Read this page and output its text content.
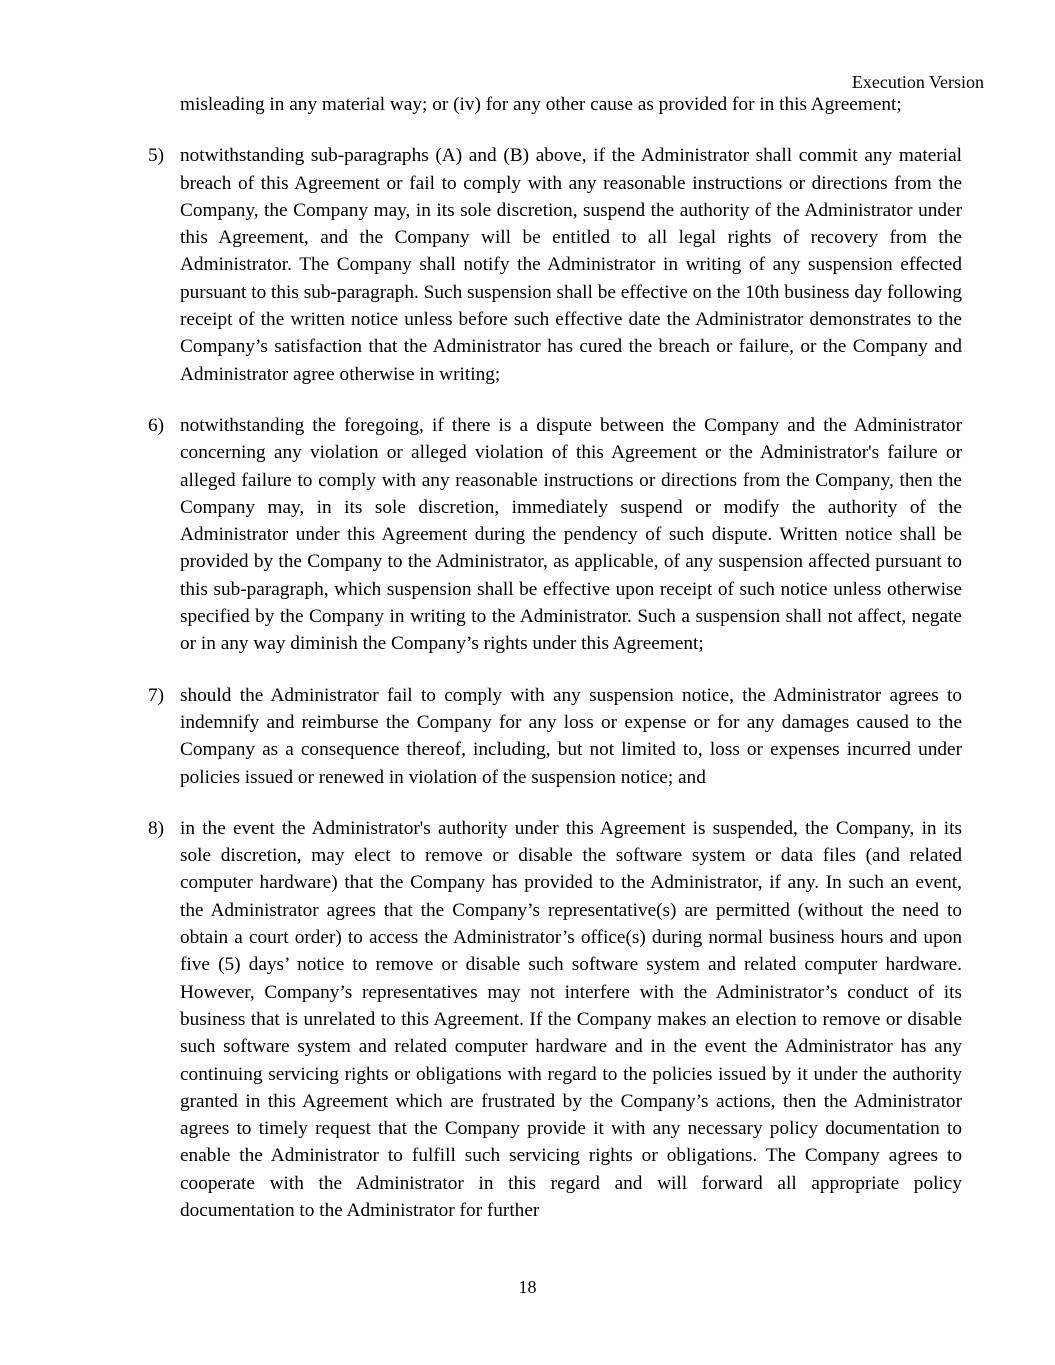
Execution Version

misleading in any material way; or (iv) for any other cause as provided for in this Agreement;

5) notwithstanding sub-paragraphs (A) and (B) above, if the Administrator shall commit any material breach of this Agreement or fail to comply with any reasonable instructions or directions from the Company, the Company may, in its sole discretion, suspend the authority of the Administrator under this Agreement, and the Company will be entitled to all legal rights of recovery from the Administrator. The Company shall notify the Administrator in writing of any suspension effected pursuant to this sub-paragraph. Such suspension shall be effective on the 10th business day following receipt of the written notice unless before such effective date the Administrator demonstrates to the Company’s satisfaction that the Administrator has cured the breach or failure, or the Company and Administrator agree otherwise in writing;
6) notwithstanding the foregoing, if there is a dispute between the Company and the Administrator concerning any violation or alleged violation of this Agreement or the Administrator's failure or alleged failure to comply with any reasonable instructions or directions from the Company, then the Company may, in its sole discretion, immediately suspend or modify the authority of the Administrator under this Agreement during the pendency of such dispute. Written notice shall be provided by the Company to the Administrator, as applicable, of any suspension affected pursuant to this sub-paragraph, which suspension shall be effective upon receipt of such notice unless otherwise specified by the Company in writing to the Administrator. Such a suspension shall not affect, negate or in any way diminish the Company’s rights under this Agreement;
7) should the Administrator fail to comply with any suspension notice, the Administrator agrees to indemnify and reimburse the Company for any loss or expense or for any damages caused to the Company as a consequence thereof, including, but not limited to, loss or expenses incurred under policies issued or renewed in violation of the suspension notice; and
8) in the event the Administrator's authority under this Agreement is suspended, the Company, in its sole discretion, may elect to remove or disable the software system or data files (and related computer hardware) that the Company has provided to the Administrator, if any. In such an event, the Administrator agrees that the Company’s representative(s) are permitted (without the need to obtain a court order) to access the Administrator’s office(s) during normal business hours and upon five (5) days’ notice to remove or disable such software system and related computer hardware. However, Company’s representatives may not interfere with the Administrator’s conduct of its business that is unrelated to this Agreement. If the Company makes an election to remove or disable such software system and related computer hardware and in the event the Administrator has any continuing servicing rights or obligations with regard to the policies issued by it under the authority granted in this Agreement which are frustrated by the Company’s actions, then the Administrator agrees to timely request that the Company provide it with any necessary policy documentation to enable the Administrator to fulfill such servicing rights or obligations. The Company agrees to cooperate with the Administrator in this regard and will forward all appropriate policy documentation to the Administrator for further
18
